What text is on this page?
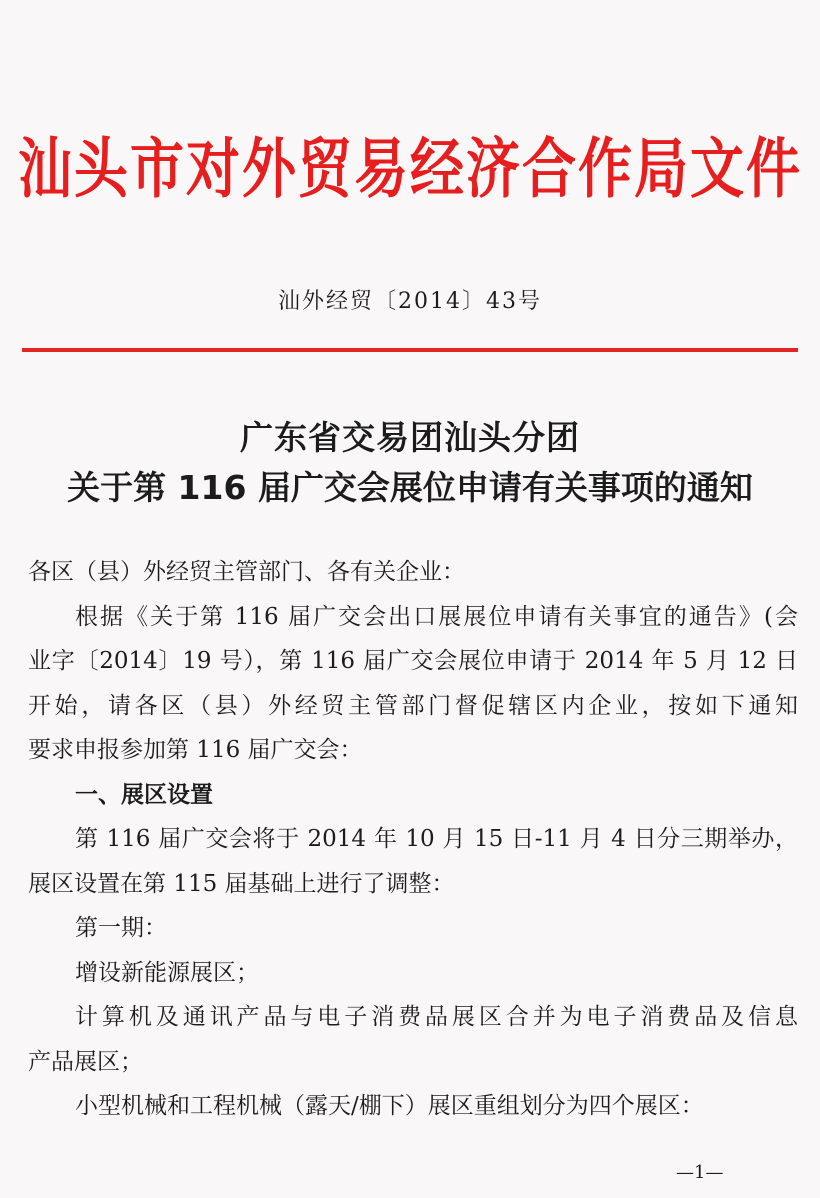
汕头市对外贸易经济合作局文件
汕外经贸〔2014〕43号
广东省交易团汕头分团
关于第 116 届广交会展位申请有关事项的通知
各区（县）外经贸主管部门、各有关企业：
根据《关于第 116 届广交会出口展展位申请有关事宜的通告》(会
业字〔2014〕19 号），第 116 届广交会展位申请于 2014 年 5 月 12 日
开始，请各区（县）外经贸主管部门督促辖区内企业，按如下通知
要求申报参加第 116 届广交会：
一、展区设置
第 116 届广交会将于 2014 年 10 月 15 日-11 月 4 日分三期举办，
展区设置在第 115 届基础上进行了调整：
第一期：
增设新能源展区；
计算机及通讯产品与电子消费品展区合并为电子消费品及信息
产品展区；
小型机械和工程机械（露天/棚下）展区重组划分为四个展区：
—1—
